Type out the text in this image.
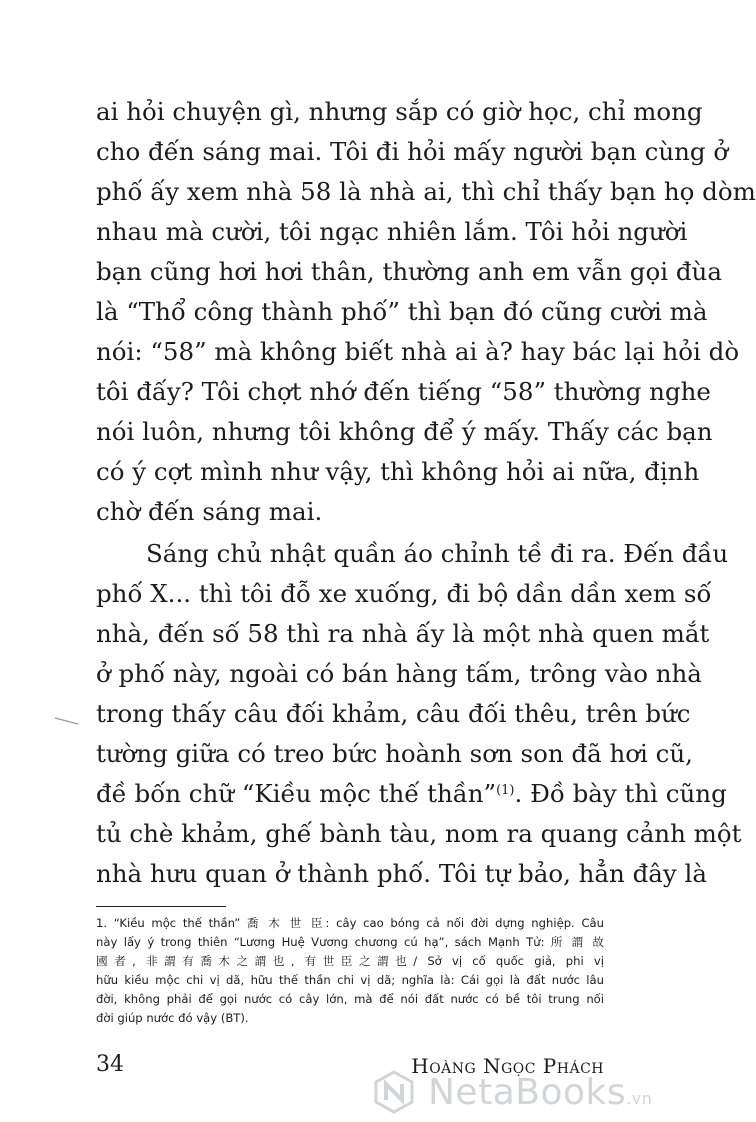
ai hỏi chuyện gì, nhưng sắp có giờ học, chỉ mong
cho đến sáng mai. Tôi đi hỏi mấy người bạn cùng ở
phố ấy xem nhà 58 là nhà ai, thì chỉ thấy bạn họ dòm
nhau mà cười, tôi ngạc nhiên lắm. Tôi hỏi người
bạn cũng hơi hơi thân, thường anh em vẫn gọi đùa
là “Thổ công thành phố” thì bạn đó cũng cười mà
nói: “58” mà không biết nhà ai à? hay bác lại hỏi dò
tôi đấy? Tôi chợt nhớ đến tiếng “58” thường nghe
nói luôn, nhưng tôi không để ý mấy. Thấy các bạn
có ý cợt mình như vậy, thì không hỏi ai nữa, định
chờ đến sáng mai.
Sáng chủ nhật quần áo chỉnh tề đi ra. Đến đầu
phố X... thì tôi đỗ xe xuống, đi bộ dần dần xem số
nhà, đến số 58 thì ra nhà ấy là một nhà quen mắt
ở phố này, ngoài có bán hàng tấm, trông vào nhà
trong thấy câu đối khảm, câu đối thêu, trên bức
tường giữa có treo bức hoành sơn son đã hơi cũ,
đề bốn chữ “Kiều mộc thế thần”$^{(1)}$ . Đồ bày thì cũng
tủ chè khảm, ghế bành tàu, nom ra quang cảnh một
nhà hưu quan ở thành phố. Tôi tự bảo, hẳn đây là
1. “Kiều mộc thế thần” 喬 木 世 臣: cây cao bóng cả nối đời dựng nghiệp. Câu
này lấy ý trong thiên “Lương Huệ Vương chương cú hạ”, sách Mạnh Tử: 所 謂 故
國者, 非謂有喬木之謂也, 有世臣之謂也/ Sở vị cố quốc giả, phi vị
hữu kiều mộc chi vị dã, hữu thế thần chi vị dã; nghĩa là: Cái gọi là đất nước lâu
đời, không phải để gọi nước có cây lớn, mà để nói đất nước có bề tôi trung nối
đời giúp nước đó vậy (BT).
34	Hoàng Ngọc Phách
NetaBooks.vn
